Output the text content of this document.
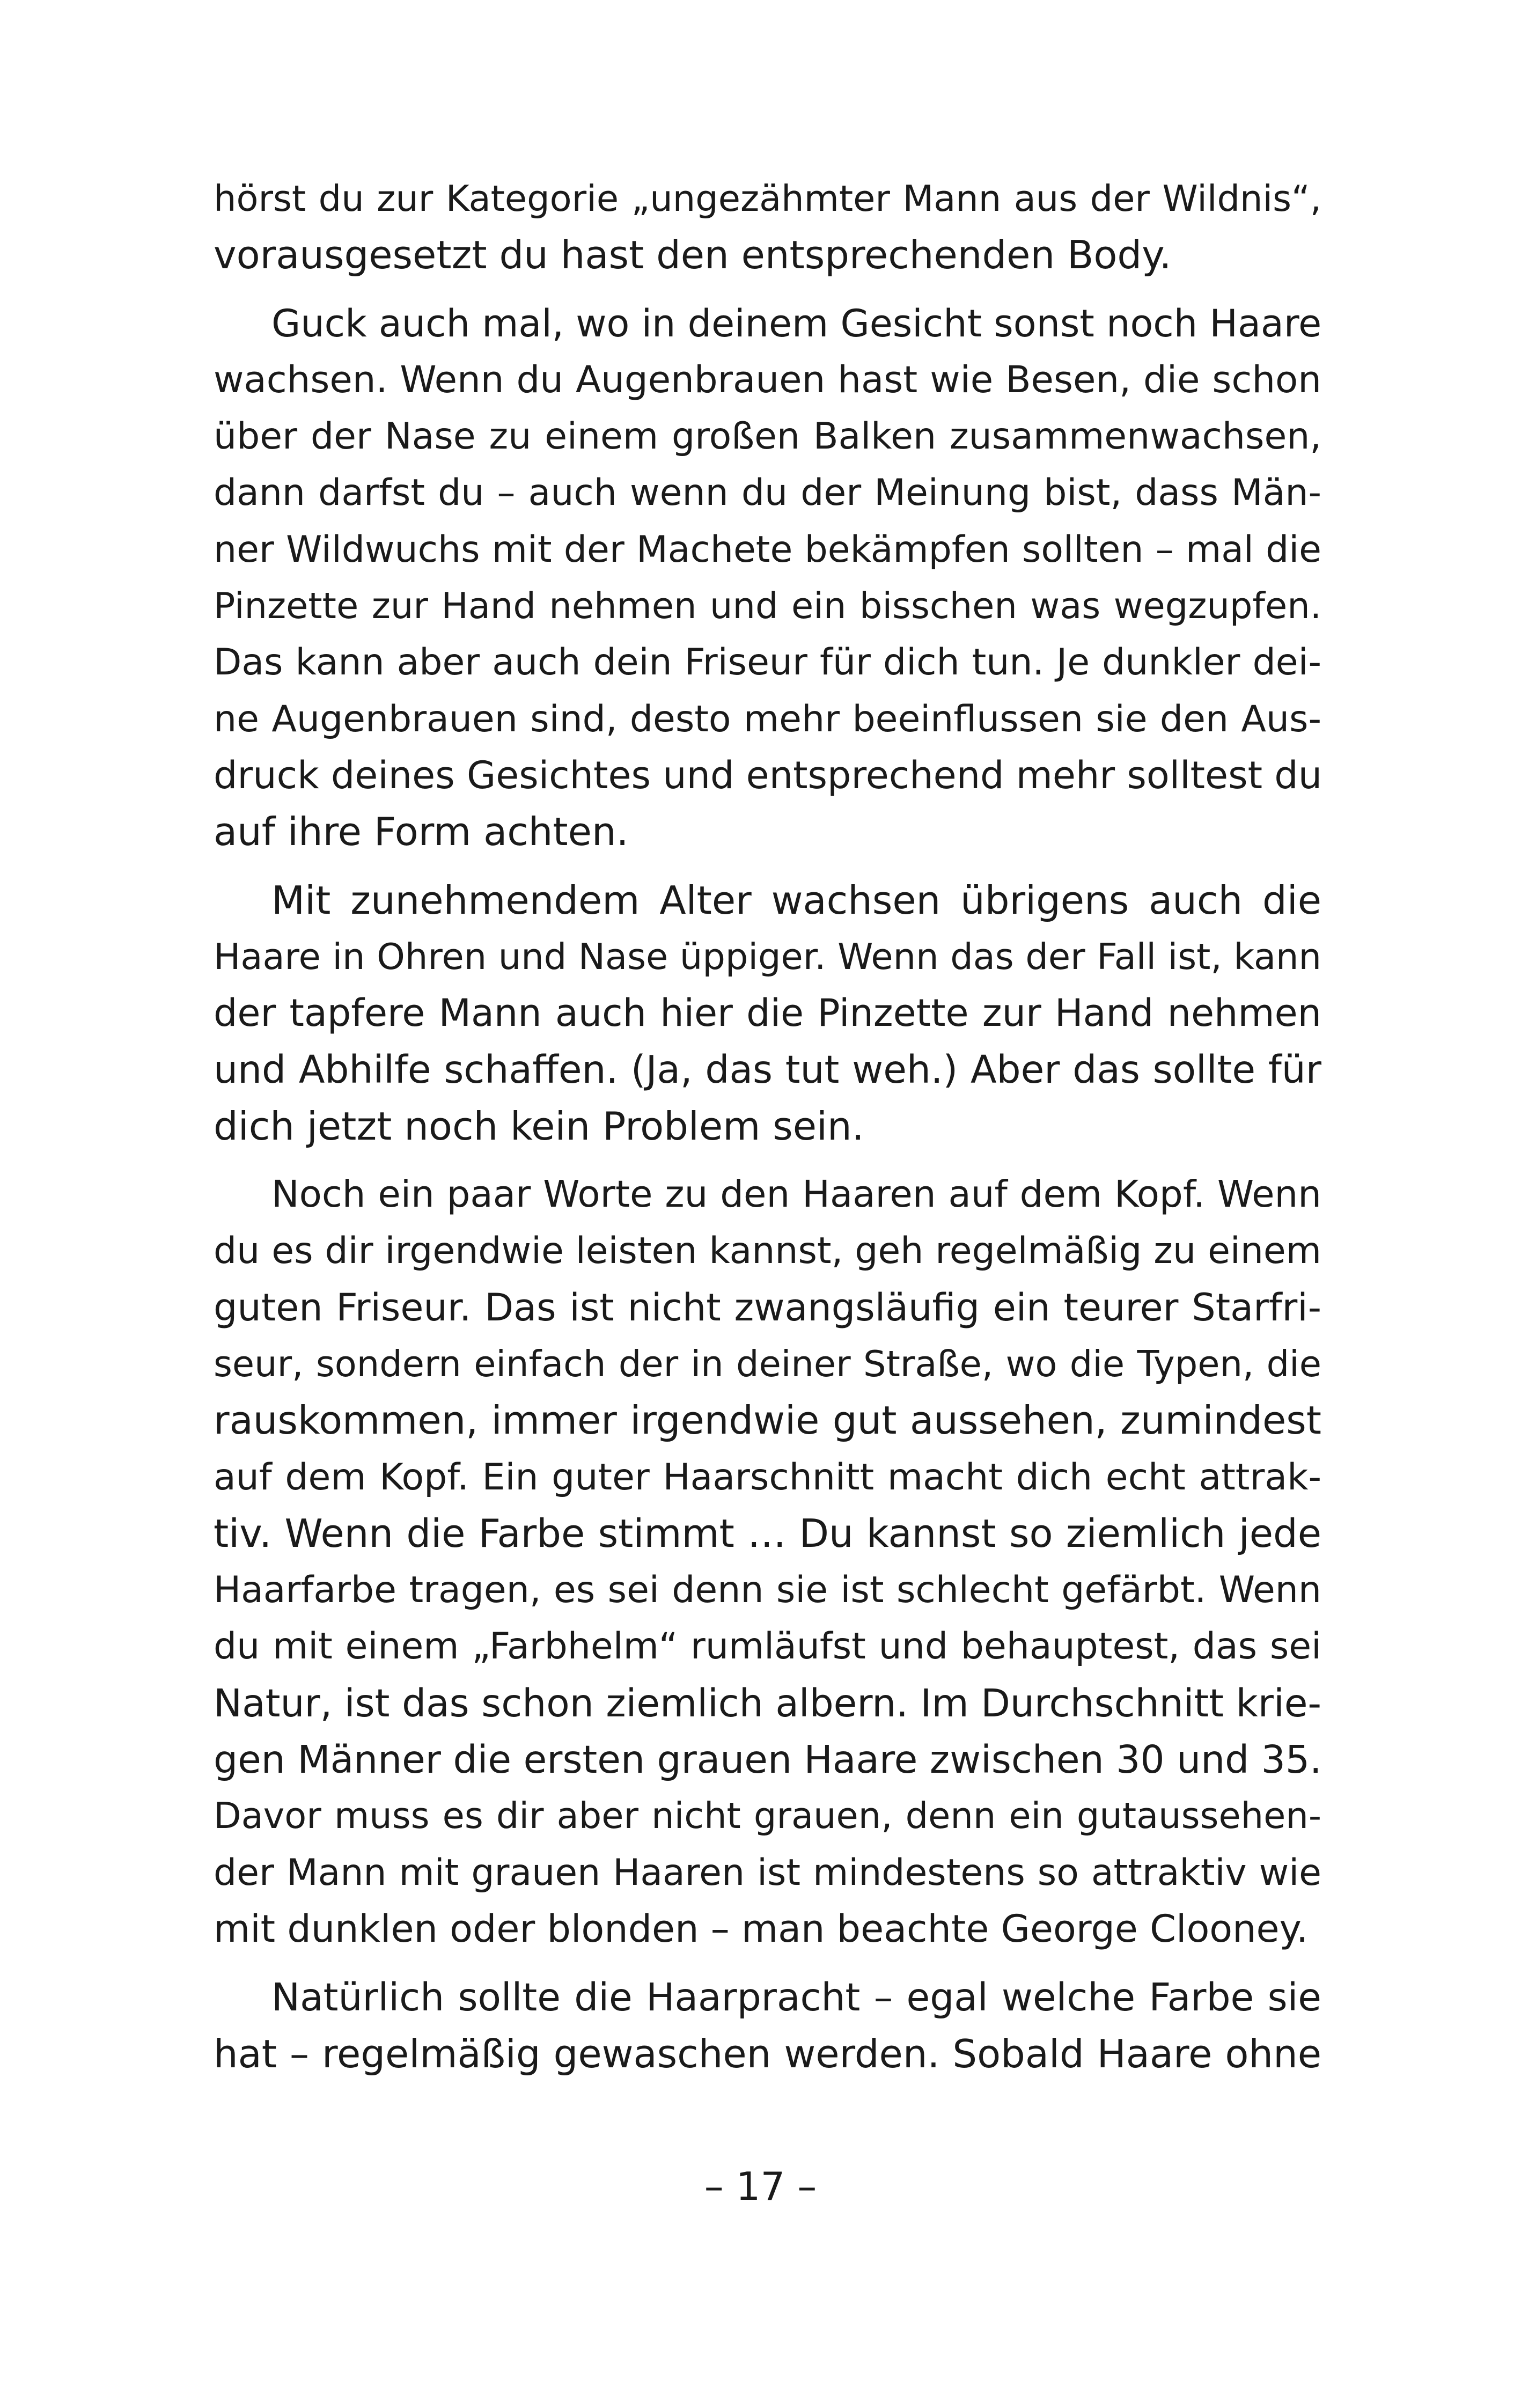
hörst du zur Kategorie „ungezähmter Mann aus der Wildnis“,
vorausgesetzt du hast den entsprechenden Body.

Guck auch mal, wo in deinem Gesicht sonst noch Haare
wachsen. Wenn du Augenbrauen hast wie Besen, die schon
über der Nase zu einem großen Balken zusammenwachsen,
dann darfst du – auch wenn du der Meinung bist, dass Män-
ner Wildwuchs mit der Machete bekämpfen sollten – mal die
Pinzette zur Hand nehmen und ein bisschen was wegzupfen.
Das kann aber auch dein Friseur für dich tun. Je dunkler dei-
ne Augenbrauen sind, desto mehr beeinflussen sie den Aus-
druck deines Gesichtes und entsprechend mehr solltest du
auf ihre Form achten.

Mit zunehmendem Alter wachsen übrigens auch die
Haare in Ohren und Nase üppiger. Wenn das der Fall ist, kann
der tapfere Mann auch hier die Pinzette zur Hand nehmen
und Abhilfe schaffen. (Ja, das tut weh.) Aber das sollte für
dich jetzt noch kein Problem sein.

Noch ein paar Worte zu den Haaren auf dem Kopf. Wenn
du es dir irgendwie leisten kannst, geh regelmäßig zu einem
guten Friseur. Das ist nicht zwangsläufig ein teurer Starfri-
seur, sondern einfach der in deiner Straße, wo die Typen, die
rauskommen, immer irgendwie gut aussehen, zumindest
auf dem Kopf. Ein guter Haarschnitt macht dich echt attrak-
tiv. Wenn die Farbe stimmt … Du kannst so ziemlich jede
Haarfarbe tragen, es sei denn sie ist schlecht gefärbt. Wenn
du mit einem „Farbhelm“ rumläufst und behauptest, das sei
Natur, ist das schon ziemlich albern. Im Durchschnitt krie-
gen Männer die ersten grauen Haare zwischen 30 und 35.
Davor muss es dir aber nicht grauen, denn ein gutaussehen-
der Mann mit grauen Haaren ist mindestens so attraktiv wie
mit dunklen oder blonden – man beachte George Clooney.

Natürlich sollte die Haarpracht – egal welche Farbe sie
hat – regelmäßig gewaschen werden. Sobald Haare ohne

– 17 –
